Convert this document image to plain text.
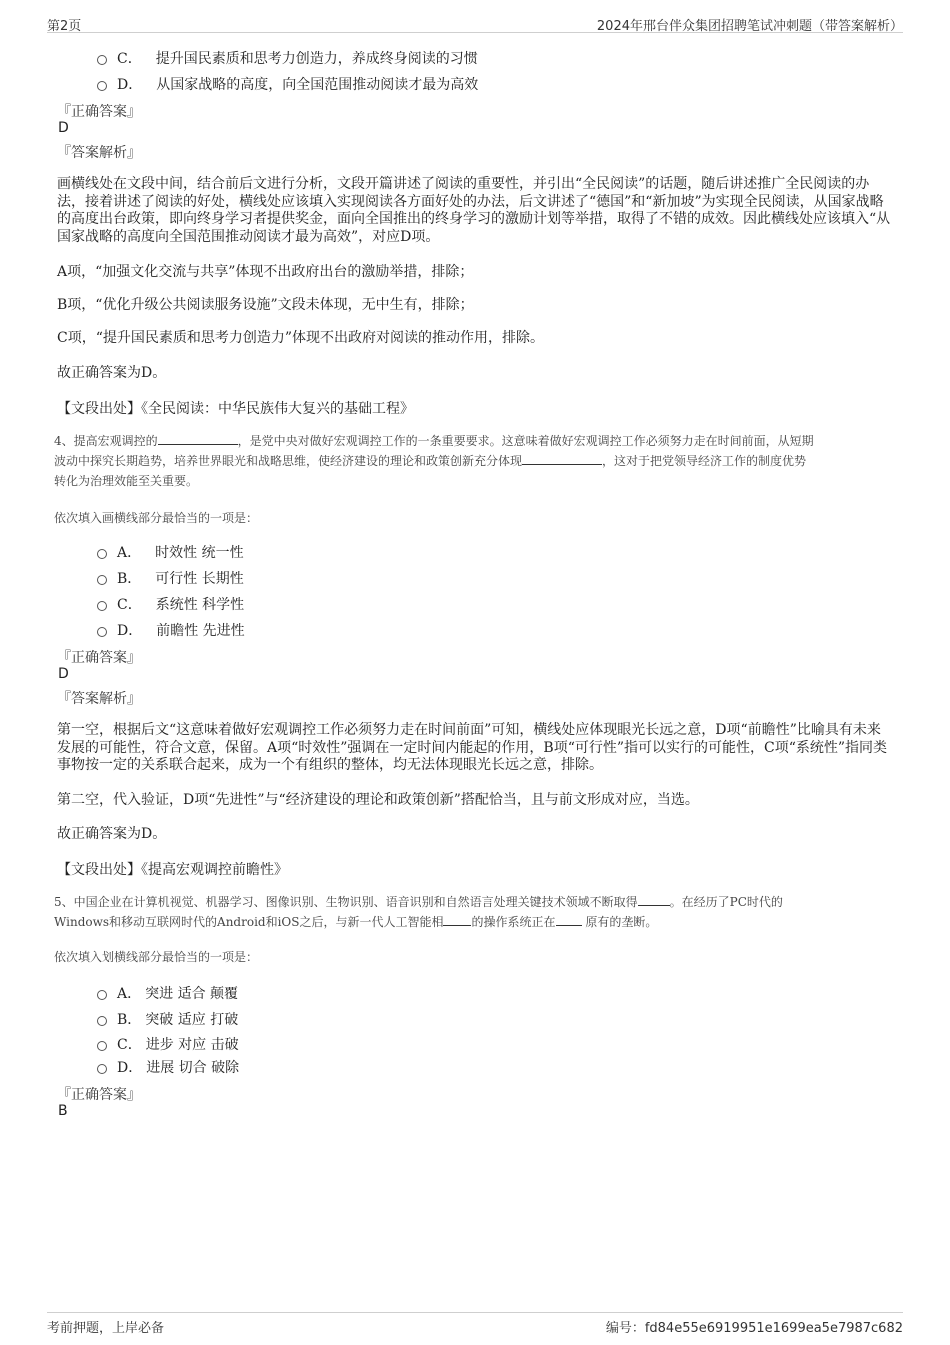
第2页	2024年邢台伴众集团招聘笔试冲刺题（带答案解析）
C． 提升国民素质和思考力创造力，养成终身阅读的习惯
D． 从国家战略的高度，向全国范围推动阅读才最为高效
『正确答案』
D
『答案解析』
画横线处在文段中间，结合前后文进行分析，文段开篇讲述了阅读的重要性，并引出“全民阅读”的话题，随后讲述推广全民阅读的办法，接着讲述了阅读的好处，横线处应该填入实现阅读各方面好处的办法，后文讲述了“德国”和“新加坡”为实现全民阅读，从国家战略的高度出台政策，即向终身学习者提供奖金，面向全国推出的终身学习的激励计划等举措，取得了不错的成效。因此横线处应该填入“从国家战略的高度向全国范围推动阅读才最为高效”，对应D项。
A项，“加强文化交流与共享”体现不出政府出台的激励举措，排除；
B项，“优化升级公共阅读服务设施”文段未体现，无中生有，排除；
C项，“提升国民素质和思考力创造力”体现不出政府对阅读的推动作用，排除。
故正确答案为D。
【文段出处】《全民阅读：中华民族伟大复兴的基础工程》
4、提高宏观调控的	，是党中央对做好宏观调控工作的一条重要要求。这意味着做好宏观调控工作必须努力走在时间前面，从短期
波动中探究长期趋势，培养世界眼光和战略思维，使经济建设的理论和政策创新充分体现	，这对于把党领导经济工作的制度优势
转化为治理效能至关重要。
依次填入画横线部分最恰当的一项是：
A． 时效性 统一性
B． 可行性 长期性
C． 系统性 科学性
D． 前瞻性 先进性
『正确答案』
D
『答案解析』
第一空，根据后文“这意味着做好宏观调控工作必须努力走在时间前面”可知，横线处应体现眼光长远之意，D项“前瞻性”比喻具有未来发展的可能性，符合文意，保留。A项“时效性”强调在一定时间内能起的作用，B项“可行性”指可以实行的可能性，C项“系统性”指同类事物按一定的关系联合起来，成为一个有组织的整体，均无法体现眼光长远之意，排除。
第二空，代入验证，D项“先进性”与“经济建设的理论和政策创新”搭配恰当，且与前文形成对应，当选。
故正确答案为D。
【文段出处】《提高宏观调控前瞻性》
5、中国企业在计算机视觉、机器学习、图像识别、生物识别、语音识别和自然语言处理关键技术领域不断取得	。在经历了PC时代的
Windows和移动互联网时代的Android和iOS之后，与新一代人工智能相 的操作系统正在 原有的垄断。
依次填入划横线部分最恰当的一项是：
A． 突进 适合 颠覆
B． 突破 适应 打破
C． 进步 对应 击破
D． 进展 切合 破除
『正确答案』
B
考前押题，上岸必备	编号：fd84e55e6919951e1699ea5e7987c682
